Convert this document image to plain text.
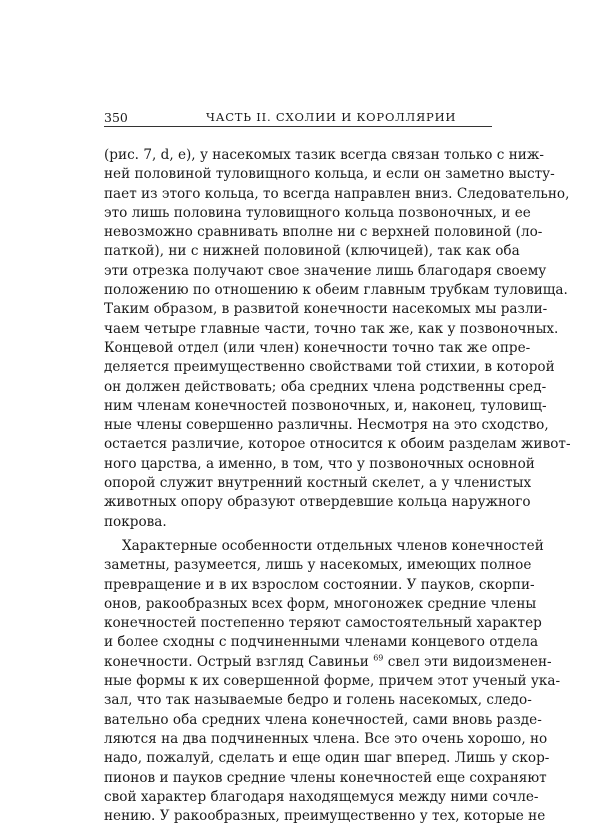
350	ЧАСТЬ II. СХОЛИИ И КОРОЛЛЯРИИ
(рис. 7, d, e), у насекомых тазик всегда связан только с ниж-
ней половиной туловищного кольца, и если он заметно высту-
пает из этого кольца, то всегда направлен вниз. Следовательно,
это лишь половина туловищного кольца позвоночных, и ее
невозможно сравнивать вполне ни с верхней половиной (ло-
паткой), ни с нижней половиной (ключицей), так как оба
эти отрезка получают свое значение лишь благодаря своему
положению по отношению к обеим главным трубкам туловища.
Таким образом, в развитой конечности насекомых мы разли-
чаем четыре главные части, точно так же, как у позвоночных.
Концевой отдел (или член) конечности точно так же опре-
деляется преимущественно свойствами той стихии, в которой
он должен действовать; оба средних члена родственны сред-
ним членам конечностей позвоночных, и, наконец, туловищ-
ные члены совершенно различны. Несмотря на это сходство,
остается различие, которое относится к обоим разделам живот-
ного царства, а именно, в том, что у позвоночных основной
опорой служит внутренний костный скелет, а у членистых
животных опору образуют отвердевшие кольца наружного
покрова.
Характерные особенности отдельных членов конечностей
заметны, разумеется, лишь у насекомых, имеющих полное
превращение и в их взрослом состоянии. У пауков, скорпи-
онов, ракообразных всех форм, многоножек средние члены
конечностей постепенно теряют самостоятельный характер
и более сходны с подчиненными членами концевого отдела
конечности. Острый взгляд Савиньи $^{69}$ свел эти видоизменен-
ные формы к их совершенной форме, причем этот ученый ука-
зал, что так называемые бедро и голень насекомых, следо-
вательно оба средних члена конечностей, сами вновь разде-
ляются на два подчиненных члена. Все это очень хорошо, но
надо, пожалуй, сделать и еще один шаг вперед. Лишь у скор-
пионов и пауков средние члены конечностей еще сохраняют
свой характер благодаря находящемуся между ними сочле-
нению. У ракообразных, преимущественно у тех, которые не
